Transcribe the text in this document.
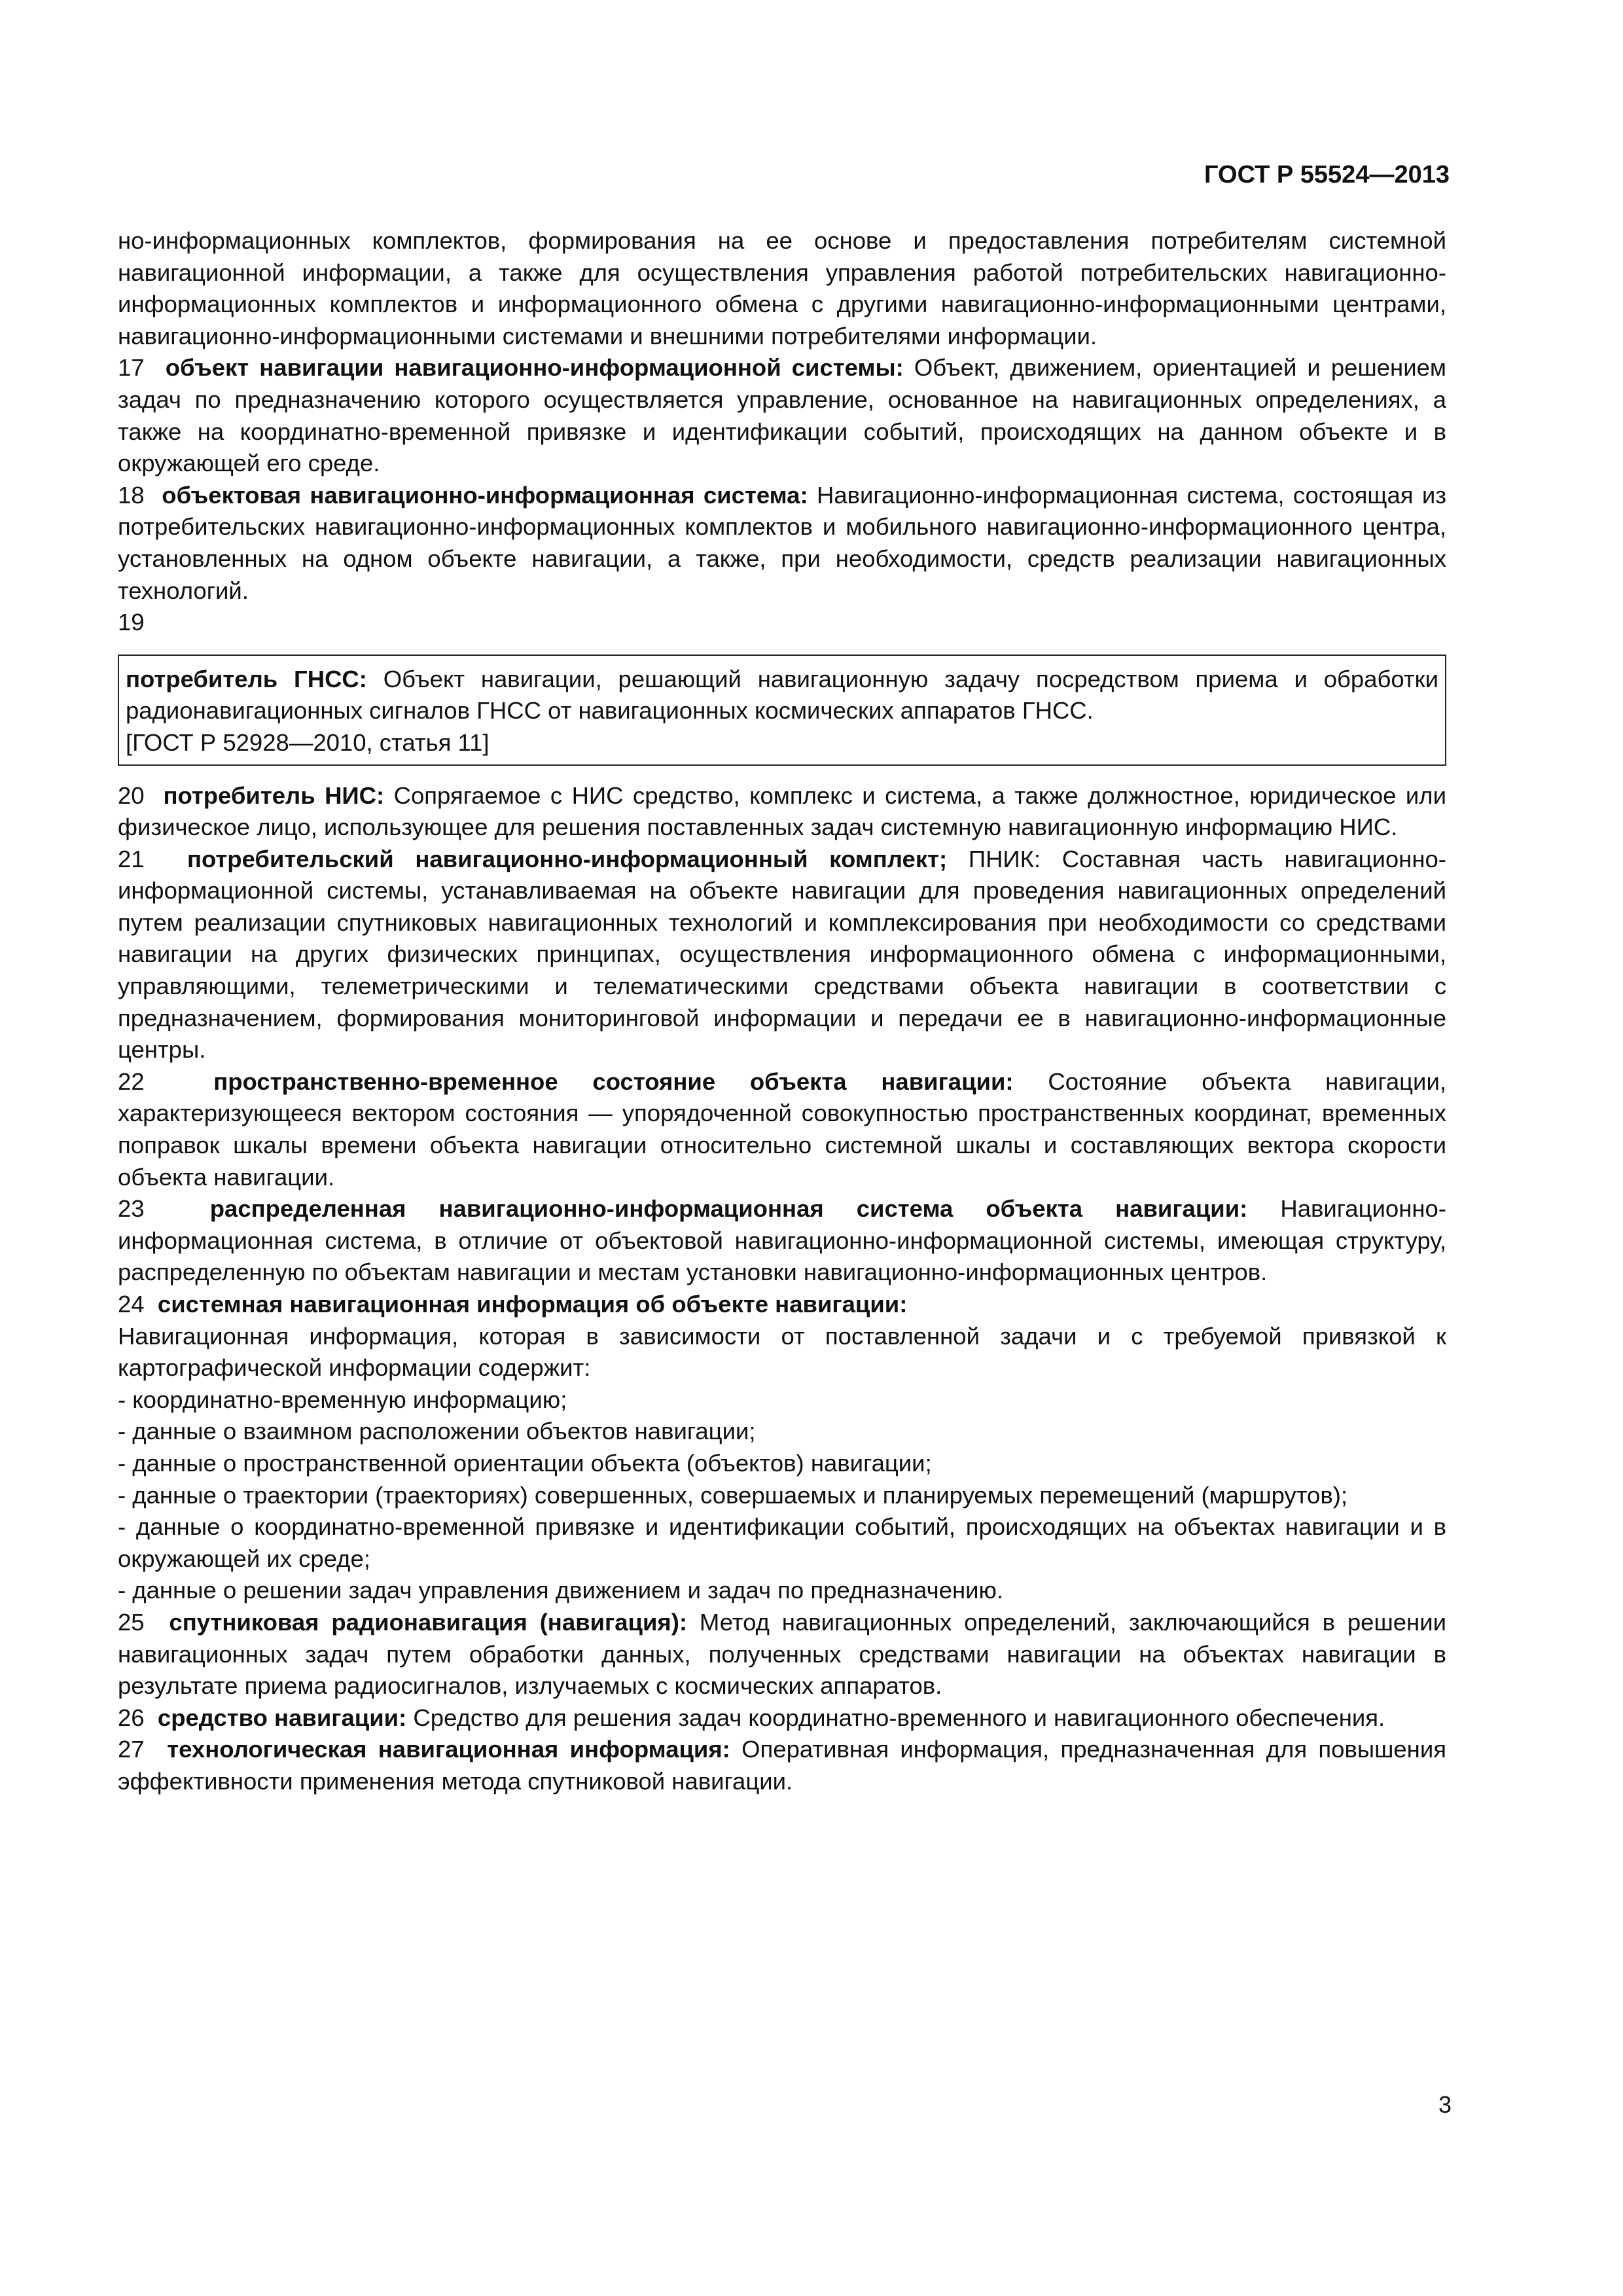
ГОСТ Р 55524—2013

но-информационных комплектов, формирования на ее основе и предоставления потребителям системной навигационной информации, а также для осуществления управления работой потребительских навигационно-информационных комплектов и информационного обмена с другими навигационно-информационными центрами, навигационно-информационными системами и внешними потребителями информации.

17 объект навигации навигационно-информационной системы: Объект, движением, ориентацией и решением задач по предназначению которого осуществляется управление, основанное на навигационных определениях, а также на координатно-временной привязке и идентификации событий, происходящих на данном объекте и в окружающей его среде.

18 объектовая навигационно-информационная система: Навигационно-информационная система, состоящая из потребительских навигационно-информационных комплектов и мобильного навигационно-информационного центра, установленных на одном объекте навигации, а также, при необходимости, средств реализации навигационных технологий.

19

потребитель ГНСС: Объект навигации, решающий навигационную задачу посредством приема и обработки радионавигационных сигналов ГНСС от навигационных космических аппаратов ГНСС.

[ГОСТ Р 52928—2010, статья 11]

20 потребитель НИС: Сопрягаемое с НИС средство, комплекс и система, а также должностное, юридическое или физическое лицо, использующее для решения поставленных задач системную навигационную информацию НИС.

21 потребительский навигационно-информационный комплект; ПНИК: Составная часть навигационно-информационной системы, устанавливаемая на объекте навигации для проведения навигационных определений путем реализации спутниковых навигационных технологий и комплексирования при необходимости со средствами навигации на других физических принципах, осуществления информационного обмена с информационными, управляющими, телеметрическими и телематическими средствами объекта навигации в соответствии с предназначением, формирования мониторинговой информации и передачи ее в навигационно-информационные центры.

22	пространственно-временное состояние объекта навигации: Состояние объекта навигации, характеризующееся вектором состояния — упорядоченной совокупностью пространственных координат, временных поправок шкалы времени объекта навигации относительно системной шкалы и составляющих вектора скорости объекта навигации.

23	распределенная навигационно-информационная система объекта навигации: Навигационно-информационная система, в отличие от объектовой навигационно-информационной системы, имеющая структуру, распределенную по объектам навигации и местам установки навигационно-информационных центров.

24 системная навигационная информация об объекте навигации:

Навигационная информация, которая в зависимости от поставленной задачи и с требуемой привязкой к картографической информации содержит:

- координатно-временную информацию;

- данные о взаимном расположении объектов навигации;

- данные о пространственной ориентации объекта (объектов) навигации;

- данные о траектории (траекториях) совершенных, совершаемых и планируемых перемещений (маршрутов);

- данные о координатно-временной привязке и идентификации событий, происходящих на объектах навигации и в окружающей их среде;

- данные о решении задач управления движением и задач по предназначению.

25 спутниковая радионавигация (навигация): Метод навигационных определений, заключающийся в решении навигационных задач путем обработки данных, полученных средствами навигации на объектах навигации в результате приема радиосигналов, излучаемых с космических аппаратов.

26 средство навигации: Средство для решения задач координатно-временного и навигационного обеспечения.

27 технологическая навигационная информация: Оперативная информация, предназначенная для повышения эффективности применения метода спутниковой навигации.

3
